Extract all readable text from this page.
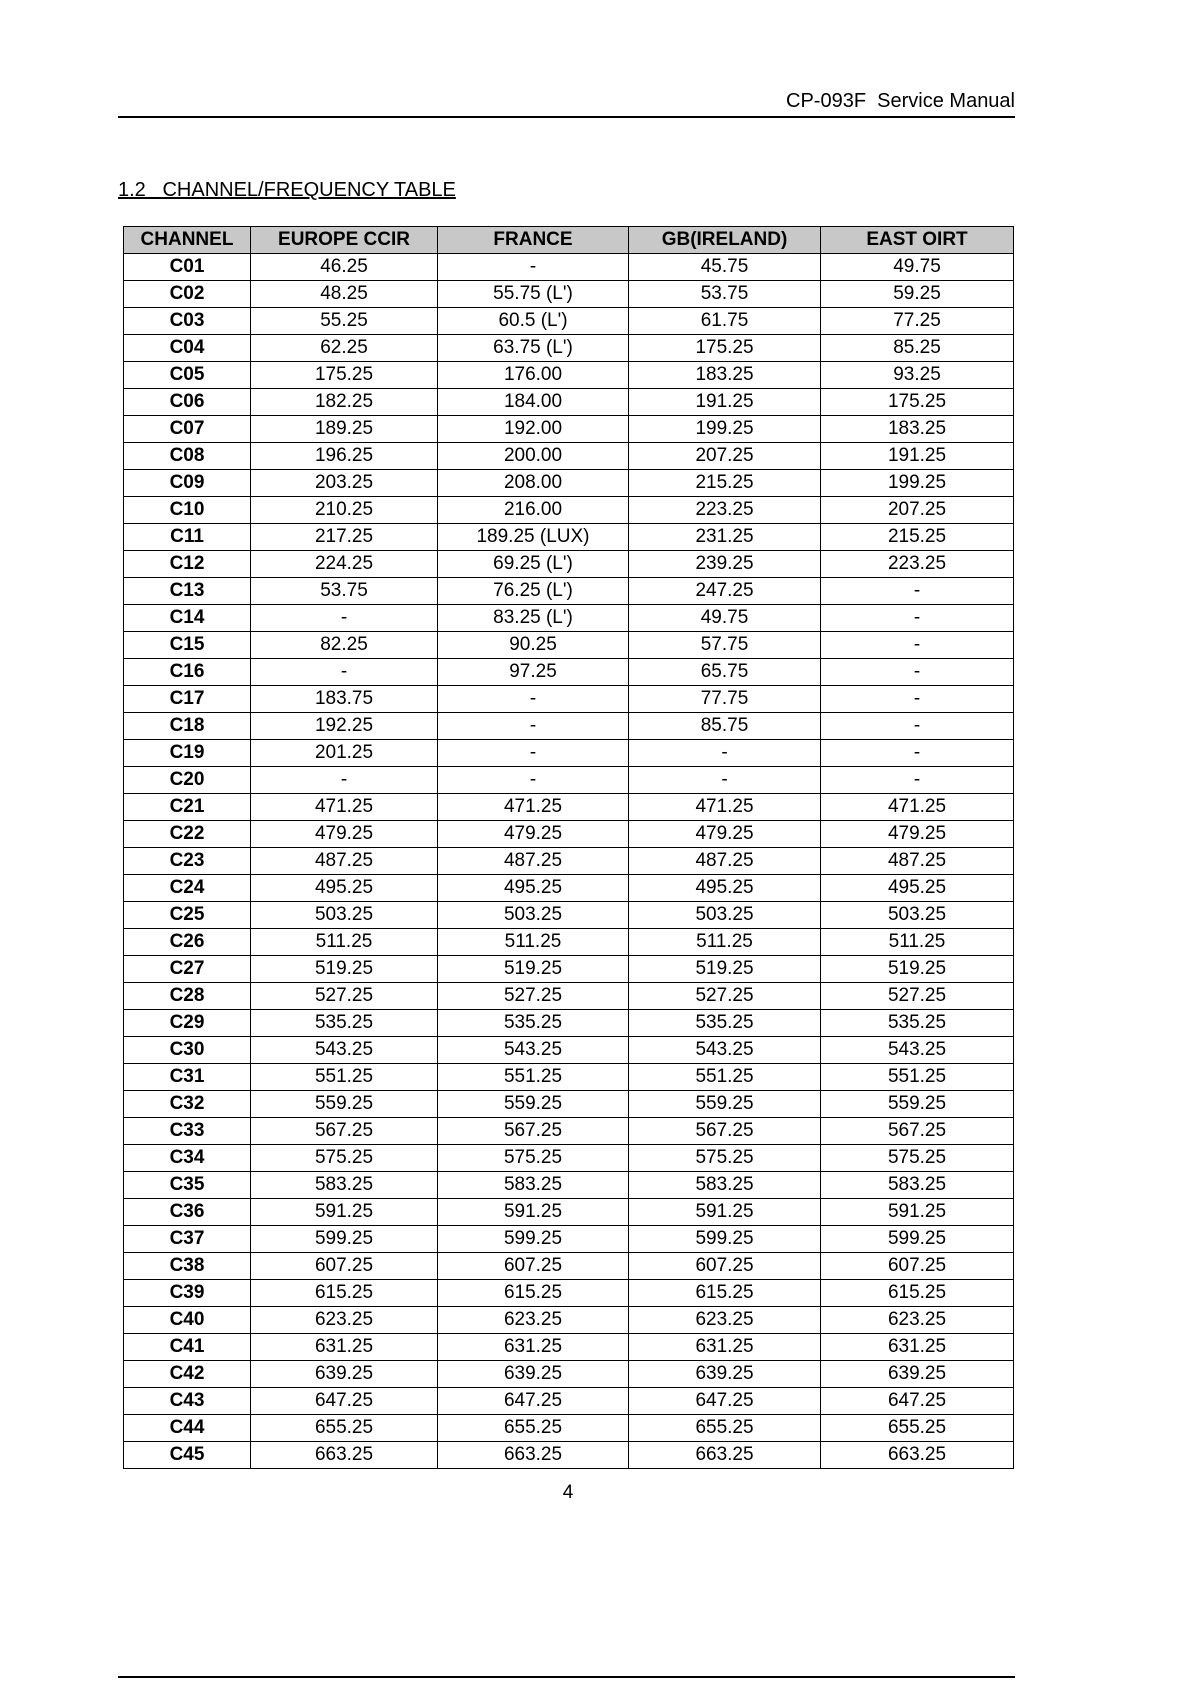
CP-093F  Service Manual
1.2   CHANNEL/FREQUENCY TABLE
CHANNEL	EUROPE CCIR	FRANCE	GB(IRELAND)	EAST OIRT
C01	46.25	-	45.75	49.75
C02	48.25	55.75 (L')	53.75	59.25
C03	55.25	60.5 (L')	61.75	77.25
C04	62.25	63.75 (L')	175.25	85.25
C05	175.25	176.00	183.25	93.25
C06	182.25	184.00	191.25	175.25
C07	189.25	192.00	199.25	183.25
C08	196.25	200.00	207.25	191.25
C09	203.25	208.00	215.25	199.25
C10	210.25	216.00	223.25	207.25
C11	217.25	189.25 (LUX)	231.25	215.25
C12	224.25	69.25 (L')	239.25	223.25
C13	53.75	76.25 (L')	247.25	-
C14	-	83.25 (L')	49.75	-
C15	82.25	90.25	57.75	-
C16	-	97.25	65.75	-
C17	183.75	-	77.75	-
C18	192.25	-	85.75	-
C19	201.25	-	-	-
C20	-	-	-	-
C21	471.25	471.25	471.25	471.25
C22	479.25	479.25	479.25	479.25
C23	487.25	487.25	487.25	487.25
C24	495.25	495.25	495.25	495.25
C25	503.25	503.25	503.25	503.25
C26	511.25	511.25	511.25	511.25
C27	519.25	519.25	519.25	519.25
C28	527.25	527.25	527.25	527.25
C29	535.25	535.25	535.25	535.25
C30	543.25	543.25	543.25	543.25
C31	551.25	551.25	551.25	551.25
C32	559.25	559.25	559.25	559.25
C33	567.25	567.25	567.25	567.25
C34	575.25	575.25	575.25	575.25
C35	583.25	583.25	583.25	583.25
C36	591.25	591.25	591.25	591.25
C37	599.25	599.25	599.25	599.25
C38	607.25	607.25	607.25	607.25
C39	615.25	615.25	615.25	615.25
C40	623.25	623.25	623.25	623.25
C41	631.25	631.25	631.25	631.25
C42	639.25	639.25	639.25	639.25
C43	647.25	647.25	647.25	647.25
C44	655.25	655.25	655.25	655.25
C45	663.25	663.25	663.25	663.25
4
